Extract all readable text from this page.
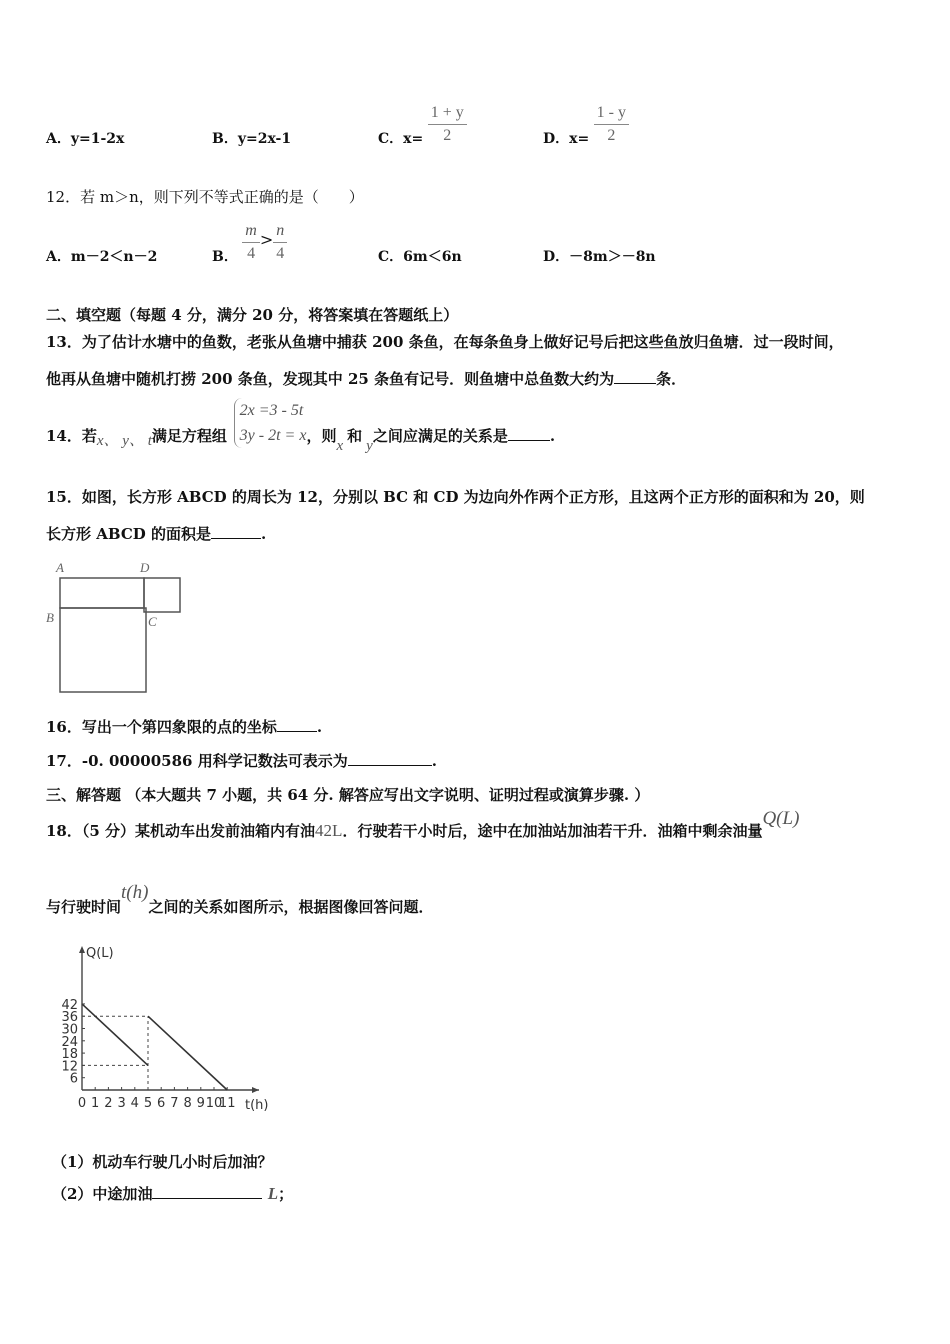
A．y=1-2x	B．y=2x-1	C．$x= \frac{1 + y}{2}$	D．$x= \frac{1 - y}{2}$
12．若 m＞n，则下列不等式正确的是（　　）
A．m－2＜n－2	B． $\frac{m}{4} > \frac{n}{4}$	C．6m＜6n	D．－8m＞－8n
二、填空题（每题 4 分，满分 20 分，将答案填在答题纸上）
13．为了估计水塘中的鱼数，老张从鱼塘中捕获 200 条鱼，在每条鱼身上做好记号后把这些鱼放归鱼塘．过一段时间，
他再从鱼塘中随机打捞 200 条鱼，发现其中 25 条鱼有记号．则鱼塘中总鱼数大约为	条．
14．若x、 y、 t满足方程组
2x =3 - 5t
3y - 2t = x ，则x和y之间应满足的关系是	.
15．如图，长方形 ABCD 的周长为 12，分别以 BC 和 CD 为边向外作两个正方形，且这两个正方形的面积和为 20，则
长方形 ABCD 的面积是	.
A	D
B	C
16．写出一个第四象限的点的坐标	.
17．-0. 00000586 用科学记数法可表示为	.
三、解答题 （本大题共 7 小题，共 64 分. 解答应写出文字说明、证明过程或演算步骤. ）
18．（5 分）某机动车出发前油箱内有油42L．行驶若干小时后，途中在加油站加油若干升．油箱中剩余油量Q(L)
与行驶时间t(h)之间的关系如图所示，根据图像回答问题．
0 1 2 3 4 5 6 7 8 9 10
11
42
36
30
24
18
12
6
Q(L)
t(h)
（1）机动车行驶几小时后加油？
（2）中途加油	L；
